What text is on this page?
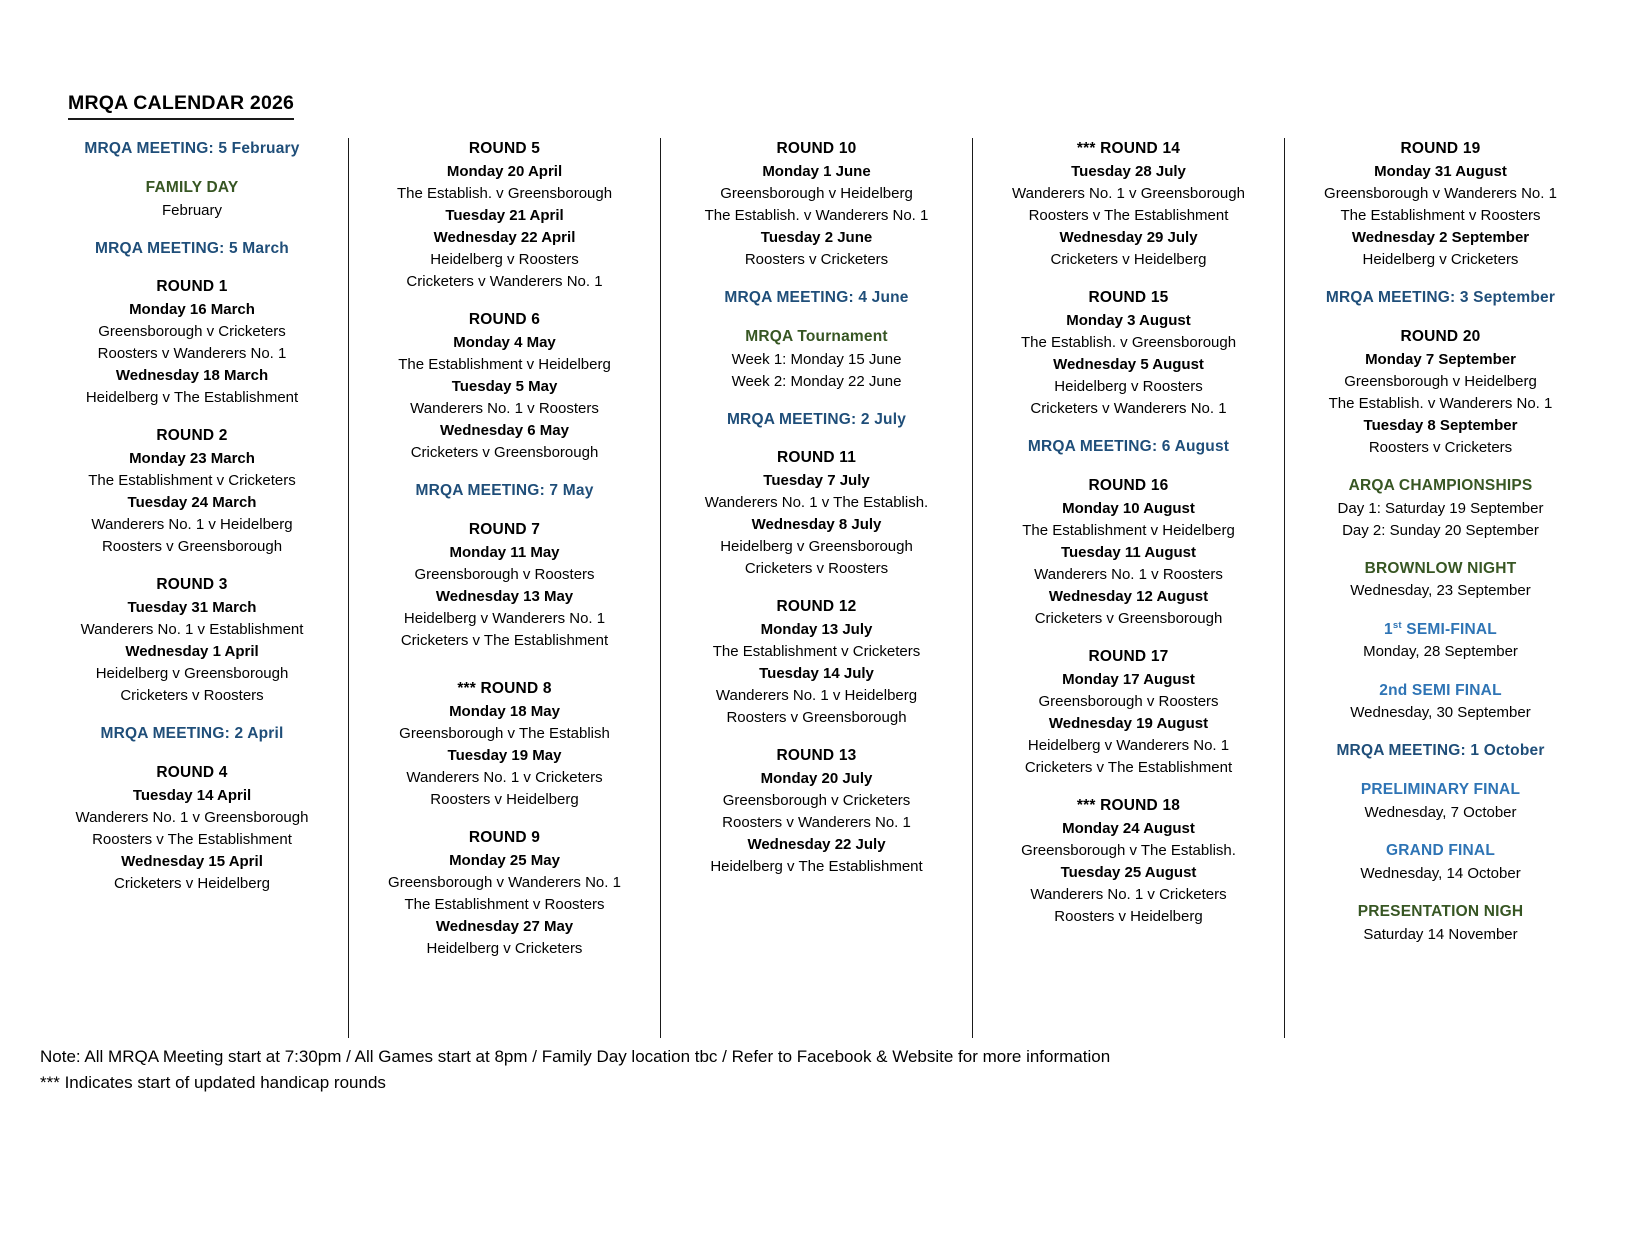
MRQA CALENDAR 2026
MRQA MEETING: 5 February
FAMILY DAY
February
MRQA MEETING: 5 March
ROUND 1
Monday 16 March
Greensborough v Cricketers
Roosters v Wanderers No. 1
Wednesday 18 March
Heidelberg v The Establishment
ROUND 2
Monday 23 March
The Establishment v Cricketers
Tuesday 24 March
Wanderers No. 1 v Heidelberg
Roosters v Greensborough
ROUND 3
Tuesday 31 March
Wanderers No. 1 v Establishment
Wednesday 1 April
Heidelberg v Greensborough
Cricketers v Roosters
MRQA MEETING: 2 April
ROUND 4
Tuesday 14 April
Wanderers No. 1 v Greensborough
Roosters v The Establishment
Wednesday 15 April
Cricketers v Heidelberg
ROUND 5
Monday 20 April
The Establish. v Greensborough
Tuesday 21 April
Wednesday 22 April
Heidelberg v Roosters
Cricketers v Wanderers No. 1
ROUND 6
Monday 4 May
The Establishment v Heidelberg
Tuesday 5 May
Wanderers No. 1 v Roosters
Wednesday 6 May
Cricketers v Greensborough
MRQA MEETING: 7 May
ROUND 7
Monday 11 May
Greensborough v Roosters
Wednesday 13 May
Heidelberg v Wanderers No. 1
Cricketers v The Establishment
*** ROUND 8
Monday 18 May
Greensborough v The Establish
Tuesday 19 May
Wanderers No. 1 v Cricketers
Roosters v Heidelberg
ROUND 9
Monday 25 May
Greensborough v Wanderers No. 1
The Establishment v Roosters
Wednesday 27 May
Heidelberg v Cricketers
ROUND 10
Monday 1 June
Greensborough v Heidelberg
The Establish. v Wanderers No. 1
Tuesday 2 June
Roosters v Cricketers
MRQA MEETING: 4 June
MRQA Tournament
Week 1: Monday 15 June
Week 2: Monday 22 June
MRQA MEETING: 2 July
ROUND 11
Tuesday 7 July
Wanderers No. 1 v The Establish.
Wednesday 8 July
Heidelberg v Greensborough
Cricketers v Roosters
ROUND 12
Monday 13 July
The Establishment v Cricketers
Tuesday 14 July
Wanderers No. 1 v Heidelberg
Roosters v Greensborough
ROUND 13
Monday 20 July
Greensborough v Cricketers
Roosters v Wanderers No. 1
Wednesday 22 July
Heidelberg v The Establishment
*** ROUND 14
Tuesday 28 July
Wanderers No. 1 v Greensborough
Roosters v The Establishment
Wednesday 29 July
Cricketers v Heidelberg
ROUND 15
Monday 3 August
The Establish. v Greensborough
Wednesday 5 August
Heidelberg v Roosters
Cricketers v Wanderers No. 1
MRQA MEETING: 6 August
ROUND 16
Monday 10 August
The Establishment v Heidelberg
Tuesday 11 August
Wanderers No. 1 v Roosters
Wednesday 12 August
Cricketers v Greensborough
ROUND 17
Monday 17 August
Greensborough v Roosters
Wednesday 19 August
Heidelberg v Wanderers No. 1
Cricketers v The Establishment
*** ROUND 18
Monday 24 August
Greensborough v The Establish.
Tuesday 25 August
Wanderers No. 1 v Cricketers
Roosters v Heidelberg
ROUND 19
Monday 31 August
Greensborough v Wanderers No. 1
The Establishment v Roosters
Wednesday 2 September
Heidelberg v Cricketers
MRQA MEETING: 3 September
ROUND 20
Monday 7 September
Greensborough v Heidelberg
The Establish. v Wanderers No. 1
Tuesday 8 September
Roosters v Cricketers
ARQA CHAMPIONSHIPS
Day 1: Saturday 19 September
Day 2: Sunday 20 September
BROWNLOW NIGHT
Wednesday, 23 September
1st SEMI-FINAL
Monday, 28 September
2nd SEMI FINAL
Wednesday, 30 September
MRQA MEETING: 1 October
PRELIMINARY FINAL
Wednesday, 7 October
GRAND FINAL
Wednesday, 14 October
PRESENTATION NIGH
Saturday 14 November
Note: All MRQA Meeting start at 7:30pm / All Games start at 8pm / Family Day location tbc / Refer to Facebook & Website for more information
*** Indicates start of updated handicap rounds
